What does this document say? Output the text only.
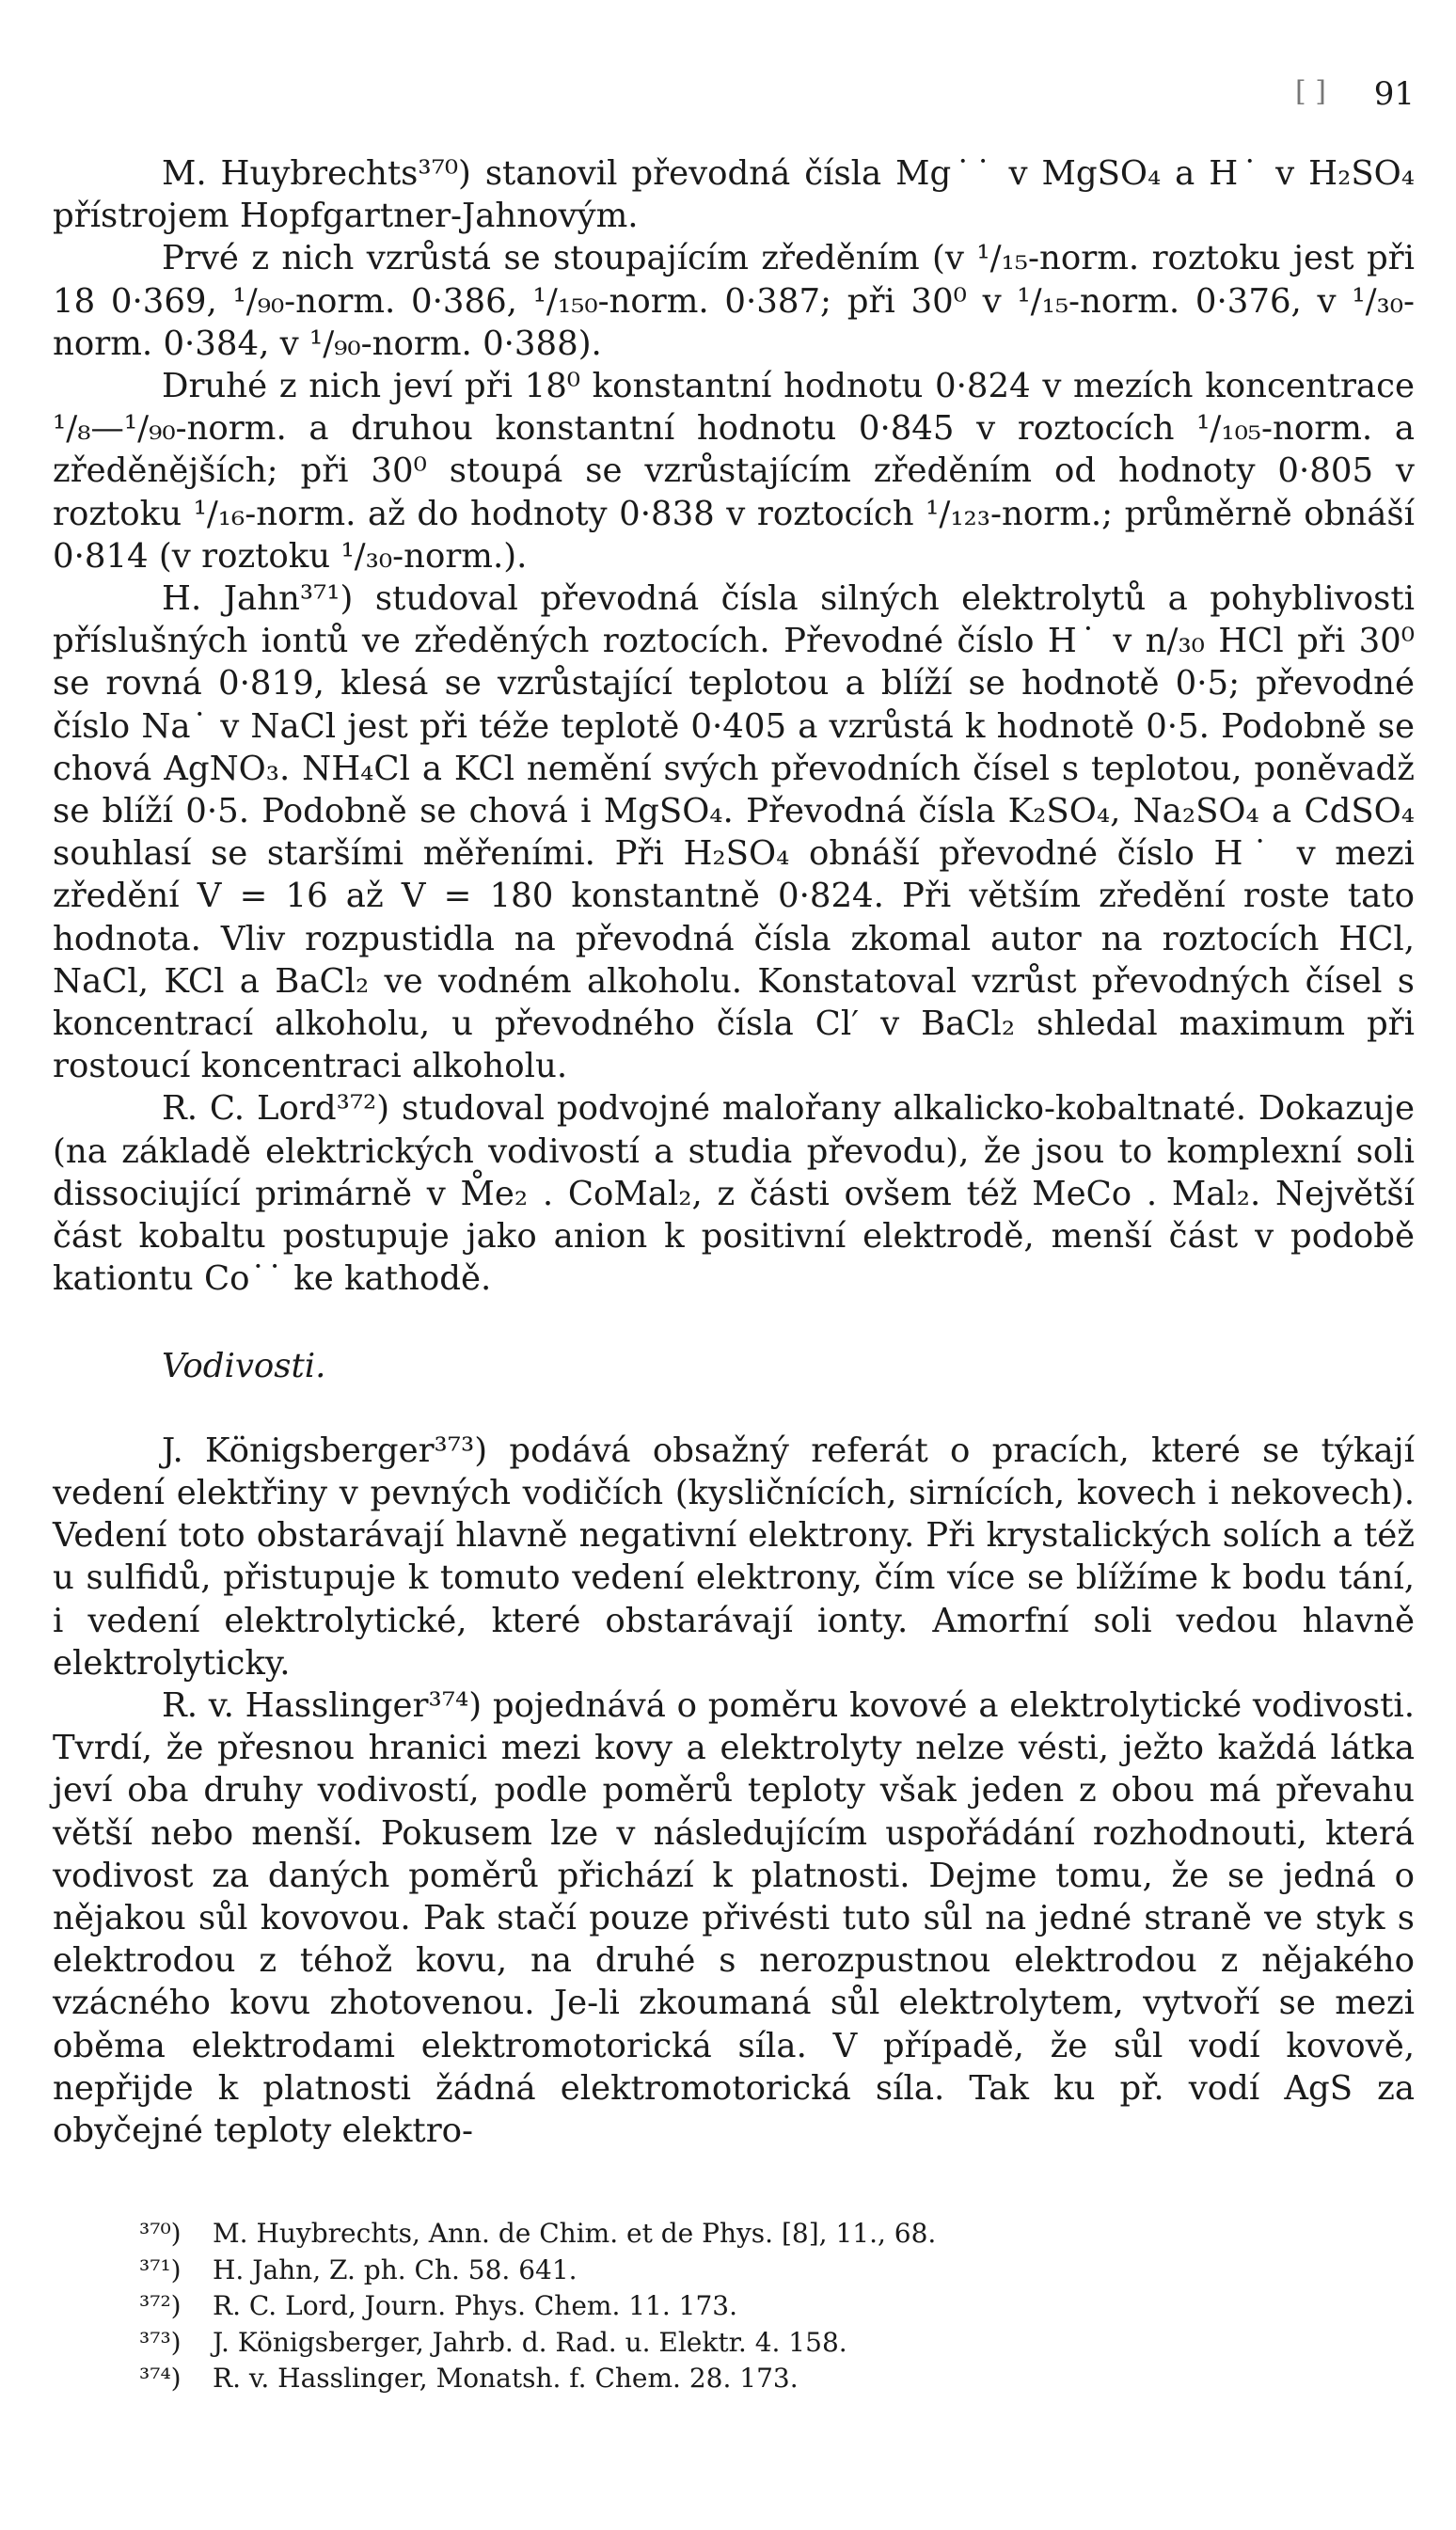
[ ] 91

M. Huybrechts³⁷⁰) stanovil převodná čísla Mg˙˙ v MgSO₄ a H˙ v H₂SO₄ přístrojem Hopfgartner-Jahnovým.

Prvé z nich vzrůstá se stoupajícím zředěním (v ¹/₁₅-norm. roztoku jest při 18 0·369, ¹/₉₀-norm. 0·386, ¹/₁₅₀-norm. 0·387; při 30⁰ v ¹/₁₅-norm. 0·376, v ¹/₃₀-norm. 0·384, v ¹/₉₀-norm. 0·388).

Druhé z nich jeví při 18⁰ konstantní hodnotu 0·824 v mezích koncentrace ¹/₈—¹/₉₀-norm. a druhou konstantní hodnotu 0·845 v roztocích ¹/₁₀₅-norm. a zředěnějších; při 30⁰ stoupá se vzrůstajícím zředěním od hodnoty 0·805 v roztoku ¹/₁₆-norm. až do hodnoty 0·838 v roztocích ¹/₁₂₃-norm.; průměrně obnáší 0·814 (v roztoku ¹/₃₀-norm.).

H. Jahn³⁷¹) studoval převodná čísla silných elektrolytů a pohyblivosti příslušných iontů ve zředěných roztocích. Převodné číslo H˙ v n/₃₀ HCl při 30⁰ se rovná 0·819, klesá se vzrůstající teplotou a blíží se hodnotě 0·5; převodné číslo Na˙ v NaCl jest při téže teplotě 0·405 a vzrůstá k hodnotě 0·5. Podobně se chová AgNO₃. NH₄Cl a KCl nemění svých převodních čísel s teplotou, poněvadž se blíží 0·5. Podobně se chová i MgSO₄. Převodná čísla K₂SO₄, Na₂SO₄ a CdSO₄ souhlasí se staršími měřeními. Při H₂SO₄ obnáší převodné číslo H˙ v mezi zředění V = 16 až V = 180 konstantně 0·824. Při větším zředění roste tato hodnota. Vliv rozpustidla na převodná čísla zkomal autor na roztocích HCl, NaCl, KCl a BaCl₂ ve vodném alkoholu. Konstatoval vzrůst převodných čísel s koncentrací alkoholu, u převodného čísla Cl′ v BaCl₂ shledal maximum při rostoucí koncentraci alkoholu.

R. C. Lord³⁷²) studoval podvojné malořany alkalicko-kobaltnaté. Dokazuje (na základě elektrických vodivostí a studia převodu), že jsou to komplexní soli dissociující primárně v M̊e₂ . CoMal₂, z části ovšem též MeCo . Mal₂. Největší část kobaltu postupuje jako anion k positivní elektrodě, menší část v podobě kationtu Co˙˙ ke kathodě.

Vodivosti.

J. Königsberger³⁷³) podává obsažný referát o pracích, které se týkají vedení elektřiny v pevných vodičích (kysličnících, sirnících, kovech i nekovech). Vedení toto obstarávají hlavně negativní elektrony. Při krystalických solích a též u sulfidů, přistupuje k tomuto vedení elektrony, čím více se blížíme k bodu tání, i vedení elektrolytické, které obstarávají ionty. Amorfní soli vedou hlavně elektrolyticky.

R. v. Hasslinger³⁷⁴) pojednává o poměru kovové a elektrolytické vodivosti. Tvrdí, že přesnou hranici mezi kovy a elektrolyty nelze vésti, ježto každá látka jeví oba druhy vodivostí, podle poměrů teploty však jeden z obou má převahu větší nebo menší. Pokusem lze v následujícím uspořádání rozhodnouti, která vodivost za daných poměrů přichází k platnosti. Dejme tomu, že se jedná o nějakou sůl kovovou. Pak stačí pouze přivésti tuto sůl na jedné straně ve styk s elektrodou z téhož kovu, na druhé s nerozpustnou elektrodou z nějakého vzácného kovu zhotovenou. Je-li zkoumaná sůl elektrolytem, vytvoří se mezi oběma elektrodami elektromotorická síla. V případě, že sůl vodí kovově, nepřijde k platnosti žádná elektromotorická síla. Tak ku př. vodí AgS za obyčejné teploty elektro-

³⁷⁰) M. Huybrechts, Ann. de Chim. et de Phys. [8], 11., 68.
³⁷¹) H. Jahn, Z. ph. Ch. 58. 641.
³⁷²) R. C. Lord, Journ. Phys. Chem. 11. 173.
³⁷³) J. Königsberger, Jahrb. d. Rad. u. Elektr. 4. 158.
³⁷⁴) R. v. Hasslinger, Monatsh. f. Chem. 28. 173.
